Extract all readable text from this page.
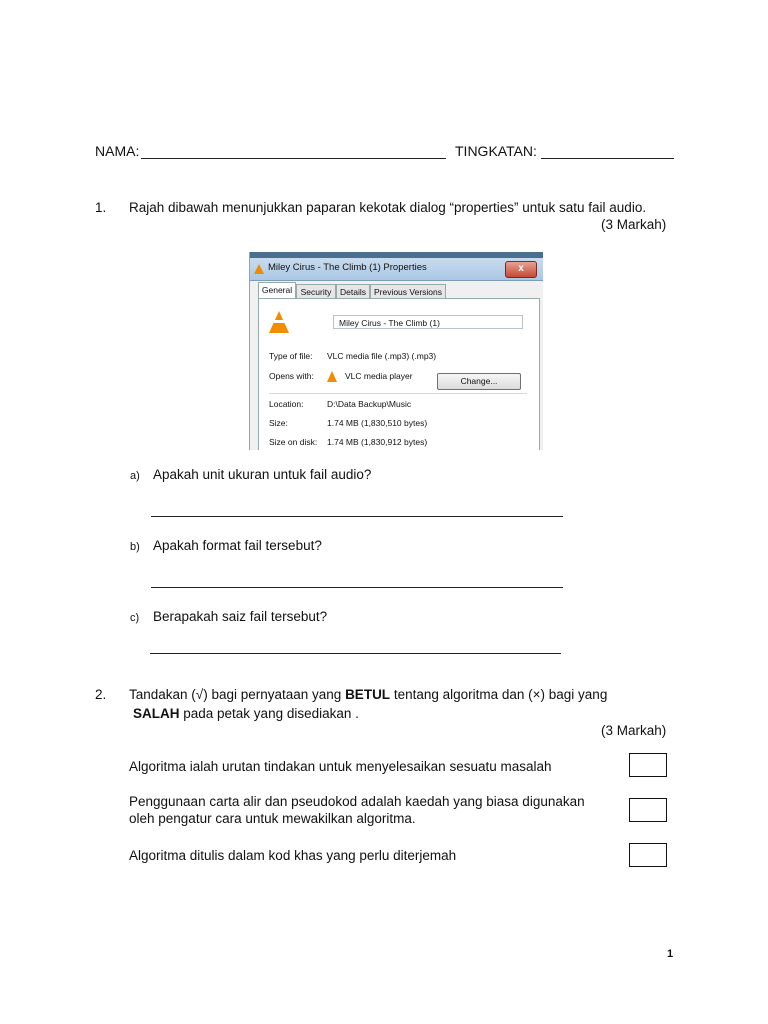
NAMA:	TINGKATAN:
1. Rajah dibawah menunjukkan paparan kekotak dialog “properties” untuk satu fail audio.
(3 Markah)
Miley Cirus - The Climb (1) Properties	x
General	Security	Details Previous Versions
Miley Cirus - The Climb (1)
Type of file: VLC media file (.mp3) (.mp3)
Opens with:	VLC media player	Change...
Location:	D:\Data Backup\Music
Size:	1.74 MB (1,830,510 bytes)
Size on disk: 1.74 MB (1,830,912 bytes)
a) Apakah unit ukuran untuk fail audio?
b) Apakah format fail tersebut?
c) Berapakah saiz fail tersebut?
2. Tandakan (√) bagi pernyataan yang BETUL tentang algoritma dan (×) bagi yang
SALAH pada petak yang disediakan .
(3 Markah)
Algoritma ialah urutan tindakan untuk menyelesaikan sesuatu masalah
Penggunaan carta alir dan pseudokod adalah kaedah yang biasa digunakan
oleh pengatur cara untuk mewakilkan algoritma.
Algoritma ditulis dalam kod khas yang perlu diterjemah
1
